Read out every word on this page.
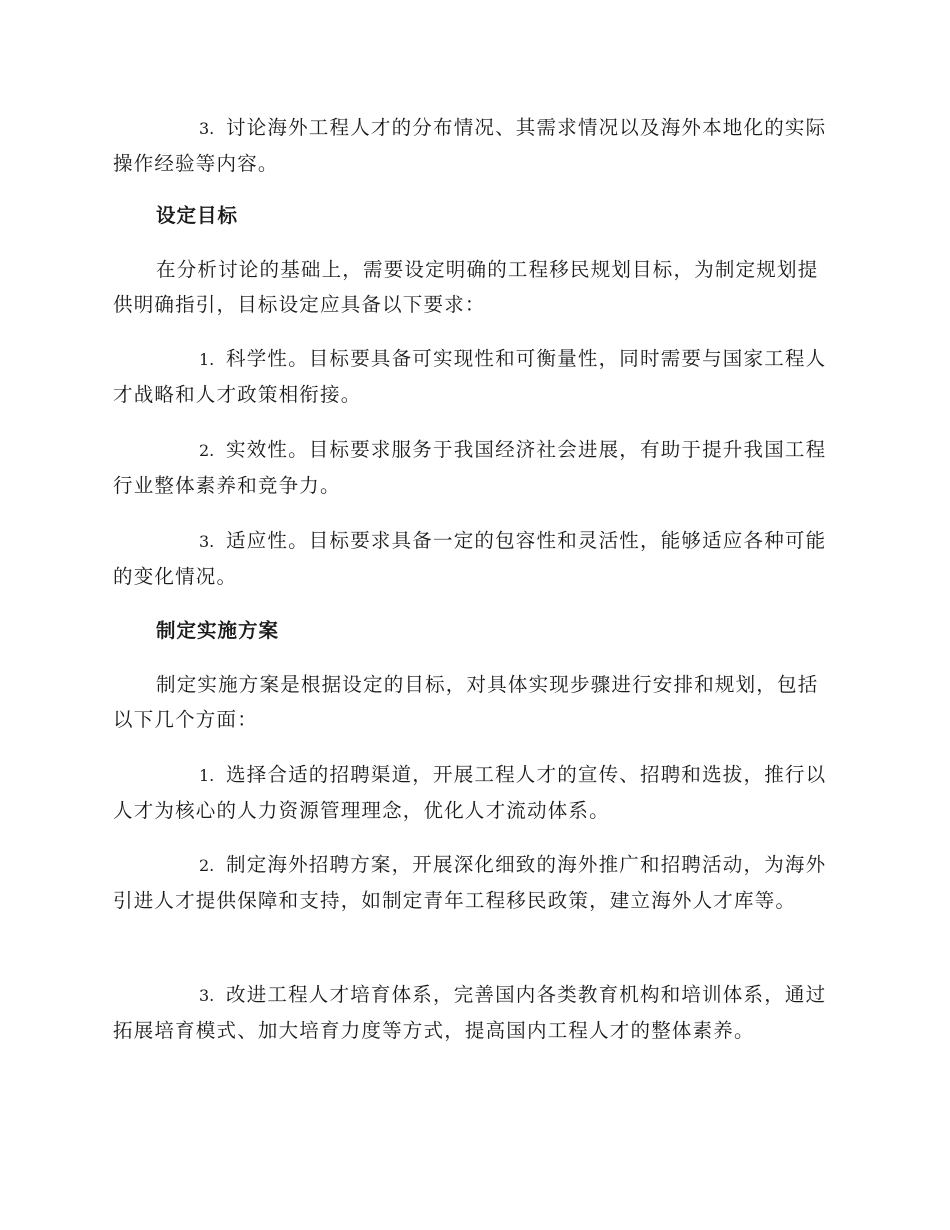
3. 讨论海外工程人才的分布情况、其需求情况以及海外本地化的实际操作经验等内容。

设定目标

在分析讨论的基础上，需要设定明确的工程移民规划目标，为制定规划提供明确指引，目标设定应具备以下要求：

1. 科学性。目标要具备可实现性和可衡量性，同时需要与国家工程人才战略和人才政策相衔接。

2. 实效性。目标要求服务于我国经济社会进展，有助于提升我国工程行业整体素养和竞争力。

3. 适应性。目标要求具备一定的包容性和灵活性，能够适应各种可能的变化情况。

制定实施方案

制定实施方案是根据设定的目标，对具体实现步骤进行安排和规划，包括以下几个方面：

1. 选择合适的招聘渠道，开展工程人才的宣传、招聘和选拔，推行以人才为核心的人力资源管理理念，优化人才流动体系。

2. 制定海外招聘方案，开展深化细致的海外推广和招聘活动，为海外引进人才提供保障和支持，如制定青年工程移民政策，建立海外人才库等。

3. 改进工程人才培育体系，完善国内各类教育机构和培训体系，通过拓展培育模式、加大培育力度等方式，提高国内工程人才的整体素养。
